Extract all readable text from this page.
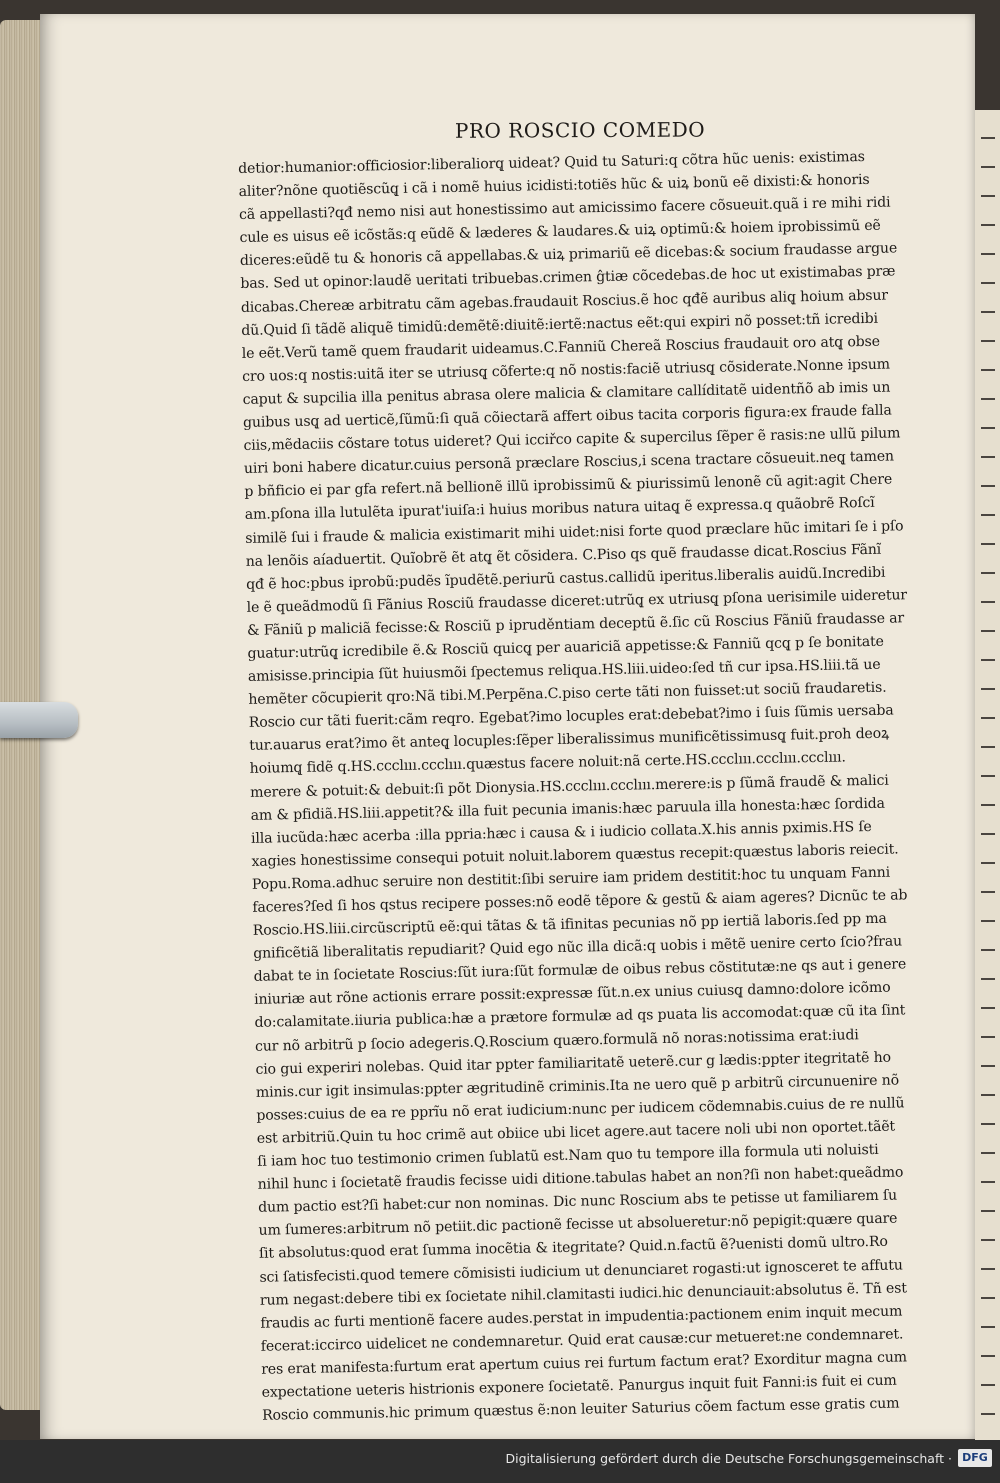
PRO ROSCIO COMEDO
detior:humanior:officiosior:liberaliorq̨ uideat? Quid tu Saturi:q cõtra hũc uenis: existimas
aliter?nõne quotiẽscũq̨ i cã i nomẽ huius icidisti:totiẽs hũc & uiꝝ bonũ eẽ dixisti:& honoris
cã appellasti?qđ nemo nisi aut honestissimo aut amicissimo facere cõsueuit.quã i re mihi ridi
cule es uisus eẽ icõstãs:q eũdẽ & læderes & laudares.& uiꝝ optimũ:& hoiem iprobissimũ eẽ
diceres:eũdẽ tu & honoris cã appellabas.& uiꝝ primariũ eẽ dicebas:& socium fraudasse argue
bas. Sed ut opinor:laudẽ ueritati tribuebas.crimen ĝtiæ cõcedebas.de hoc ut existimabas præ
dicabas.Chereæ arbitratu cãm agebas.fraudauit Roscius.ẽ hoc qđẽ auribus aliq̨ hoium absur
dũ.Quid ſi tãdẽ aliquẽ timidũ:demẽtẽ:diuitẽ:iertẽ:nactus eẽt:qui expiri nõ posset:tñ icredibi
le eẽt.Verũ tamẽ quem fraudarit uideamus.C.Fanniũ Chereã Roscius fraudauit oro atq̨ obse
cro uos:q nostis:uitã iter se utriusq̨ cõferte:q nõ nostis:faciẽ utriusq̨ cõsiderate.Nonne ipsum
caput & supcilia illa penitus abrasa olere malicia & clamitare callíditatẽ uidentñõ ab imis un
guibus usq̨ ad uerticẽ,ſũmũ:ſi quã cõiectarã affert oibus tacita corporis figura:ex fraude falla
ciis,mẽdaciis cõstare totus uideret? Qui icciřco capite & supercilus ſẽper ẽ rasis:ne ullũ pilum
uiri boni habere dicatur.cuius personã præclare Roscius,i scena tractare cõsueuit.neq̨ tamen
p bñficio ei par gfa refert.nã bellionẽ illũ iprobissimũ & piurissimũ lenonẽ cũ agit:agit Chere
am.pſona illa lutulẽta ipurat'iuiſa:i huius moribus natura uitaq̨ ẽ expressa.q quãobrẽ Roſcĩ
similẽ ſui i fraude & malicia existimarit mihi uidet:nisi forte quod præclare hũc imitari ſe i pſo
na lenõis aíaduertit. Quĩobrẽ ẽt atq̨ ẽt cõsidera. C.Piso qs quẽ fraudasse dicat.Roscius Fãnĩ
qđ ẽ hoc:pbus iprobũ:pudẽs ĩpudẽtẽ.periurũ castus.callidũ iperitus.liberalis auidũ.Incredibi
le ẽ queãdmodũ ſi Fãnius Rosciũ fraudasse diceret:utrũq̨ ex utriusq̨ pſona uerisimile uideretur
& Fãniũ p maliciã fecisse:& Rosciũ p ipruděntiam deceptũ ẽ.ſic cũ Roscius Fãniũ fraudasse ar
guatur:utrũq̨ icredibile ẽ.& Rosciũ quicq̨ per auariciã appetisse:& Fanniũ qcq̨ p ſe bonitate
amisisse.principia ſũt huiusmõi ſpectemus reliqua.HS.liii.uideo:ſed tñ cur ipsa.HS.liii.tã ue
hemẽter cõcupierit qro:Nã tibi.M.Perpẽna.C.piso certe tãti non fuisset:ut sociũ fraudaretis.
Roscio cur tãti fuerit:cãm reqro. Egebat?imo locuples erat:debebat?imo i ſuis ſũmis uersaba
tur.auarus erat?imo ẽt anteq̨ locuples:ſẽper liberalissimus munificẽtissimusq̨ fuit.proh deoꝝ
hoiumq̨ fidẽ q.HS.ccclııı.ccclııı.quæstus facere noluit:nã certe.HS.ccclııı.ccclııı.ccclııı.
merere & potuit:& debuit:ſi põt Dionysia.HS.ccclııı.ccclııı.merere:is p ſũmã fraudẽ & malici
am & pfidiã.HS.liii.appetit?& illa fuit pecunia imanis:hæc paruula illa honesta:hæc ſordida
illa iucũda:hæc acerba :illa ppria:hæc i causa & i iudicio collata.X.his annis pximis.HS ſe
xagies honestissime consequi potuit noluit.laborem quæstus recepit:quæstus laboris reiecit.
Popu.Roma.adhuc seruire non destitit:ſibi seruire iam pridem destitit:hoc tu unquam Fanni
faceres?ſed ſi hos qstus recipere posses:nõ eodẽ tẽpore & gestũ & aiam ageres? Dicnũc te ab
Roscio.HS.liii.circũscriptũ eẽ:qui tãtas & tã ifinitas pecunias nõ pp iertiã laboris.ſed pp ma
gnificẽtiã liberalitatis repudiarit? Quid ego nũc illa dicã:q uobis i mẽtẽ uenire certo ſcio?frau
dabat te in ſocietate Roscius:ſũt iura:ſũt formulæ de oibus rebus cõstitutæ:ne qs aut i genere
iniuriæ aut rõne actionis errare possit:expressæ ſũt.n.ex unius cuiusq̨ damno:dolore icõmo
do:calamitate.iiuria publica:hæ a prætore formulæ ad qs puata lis accomodat:quæ cũ ita ſint
cur nõ arbitrũ p ſocio adegeris.Q.Roscium quæro.formulã nõ noras:notissima erat:iudi
cio gui experiri nolebas. Quid itar ppter familiaritatẽ ueterẽ.cur g lædis:ppter itegritatẽ ho
minis.cur igit insimulas:ppter ægritudinẽ criminis.Ita ne uero quẽ p arbitrũ circunuenire nõ
posses:cuius de ea re pprĩu nõ erat iudicium:nunc per iudicem cõdemnabis.cuius de re nullũ
est arbitriũ.Quin tu hoc crimẽ aut obiice ubi licet agere.aut tacere noli ubi non oportet.tãẽt
ſi iam hoc tuo testimonio crimen ſublatũ est.Nam quo tu tempore illa formula uti noluisti
nihil hunc i ſocietatẽ fraudis fecisse uidi ditione.tabulas habet an non?ſi non habet:queãdmo
dum pactio est?ſi habet:cur non nominas. Dic nunc Roscium abs te petisse ut familiarem ſu
um ſumeres:arbitrum nõ petiit.dic pactionẽ fecisse ut absolueretur:nõ pepigit:quære quare
ſit absolutus:quod erat ſumma inocẽtia & itegritate? Quid.n.factũ ẽ?uenisti domũ ultro.Ro
sci ſatisfecisti.quod temere cõmisisti iudicium ut denunciaret rogasti:ut ignosceret te affutu
rum negast:debere tibi ex ſocietate nihil.clamitasti iudici.hic denunciauit:absolutus ẽ. Tñ est
fraudis ac furti mentionẽ facere audes.perstat in impudentia:pactionem enim inquit mecum
fecerat:iccirco uidelicet ne condemnaretur. Quid erat causæ:cur metueret:ne condemnaret.
res erat manifesta:furtum erat apertum cuius rei furtum factum erat? Exorditur magna cum
expectatione ueteris histrionis exponere ſocietatẽ. Panurgus inquit fuit Fanni:is fuit ei cum
Roscio communis.hic primum quæstus ẽ:non leuiter Saturius cõem factum esse gratis cum
Digitalisierung gefördert durch die Deutsche Forschungsgemeinschaft · DFG
